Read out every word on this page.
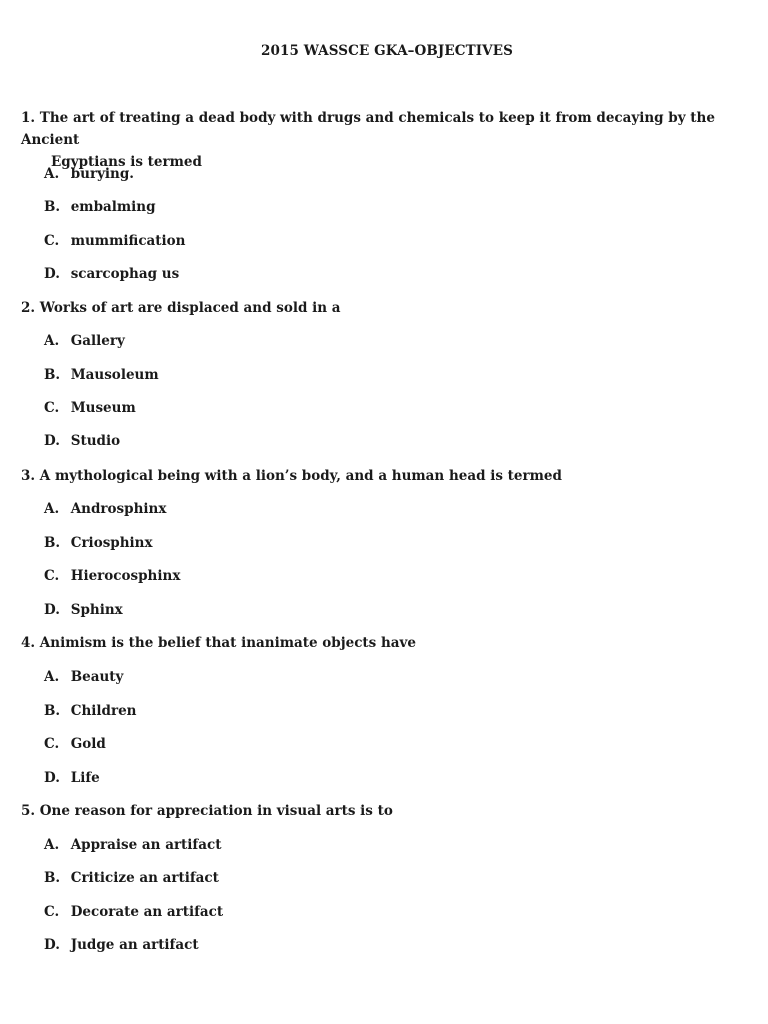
2015 WASSCE GKA–OBJECTIVES
1. The art of treating a dead body with drugs and chemicals to keep it from decaying by the Ancient
Egyptians is termed
A. burying.
B. embalming
C. mummification
D. scarcophag us
2. Works of art are displaced and sold in a
A. Gallery
B. Mausoleum
C. Museum
D. Studio
3. A mythological being with a lion’s body, and a human head is termed
A. Androsphinx
B. Criosphinx
C. Hierocosphinx
D. Sphinx
4. Animism is the belief that inanimate objects have
A. Beauty
B. Children
C. Gold
D. Life
5. One reason for appreciation in visual arts is to
A. Appraise an artifact
B. Criticize an artifact
C. Decorate an artifact
D. Judge an artifact
